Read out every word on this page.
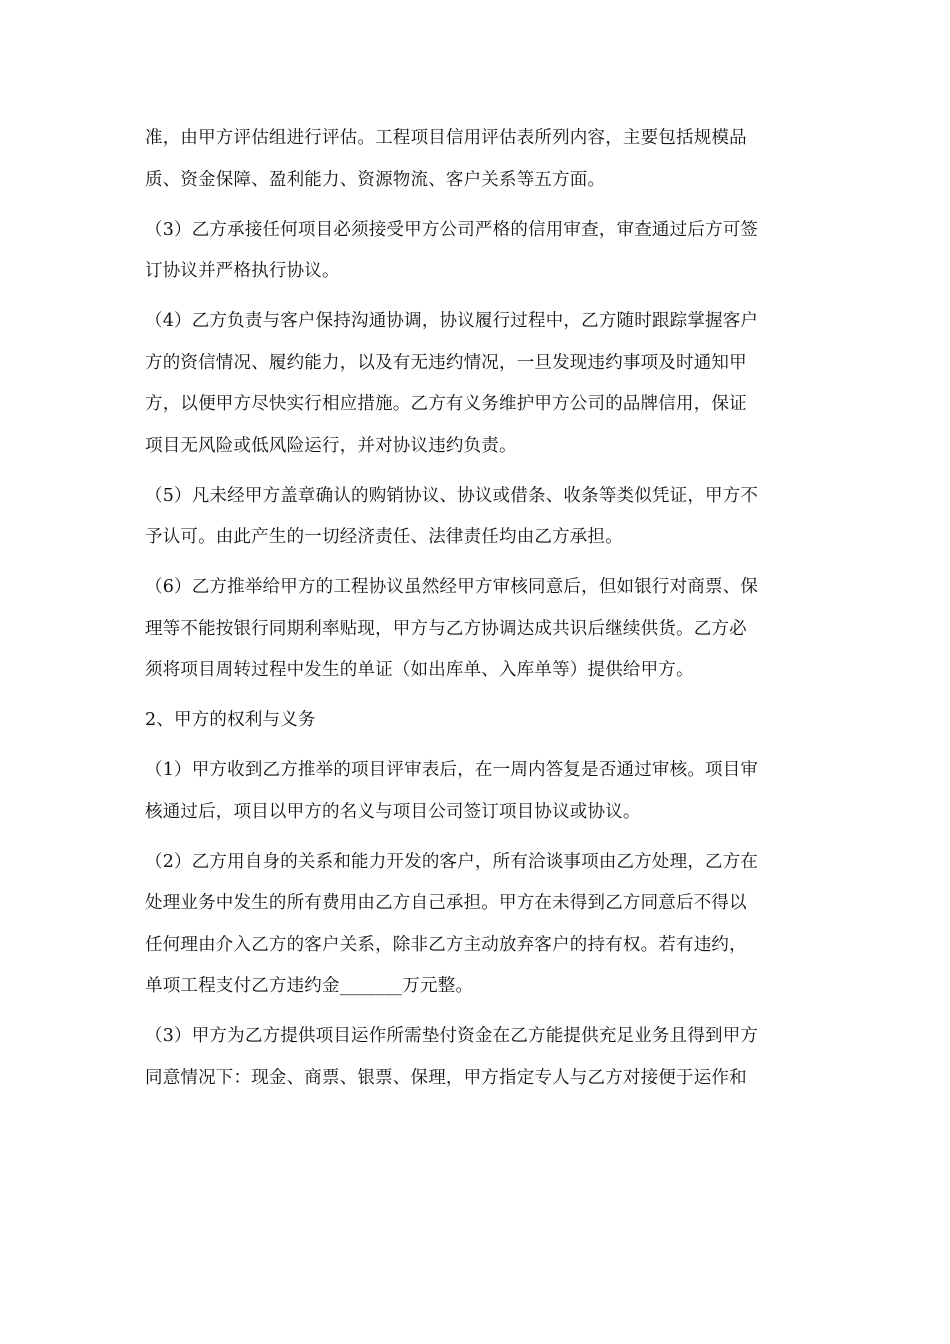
准，由甲方评估组进行评估。工程项目信用评估表所列内容，主要包括规模品
质、资金保障、盈利能力、资源物流、客户关系等五方面。
（3）乙方承接任何项目必须接受甲方公司严格的信用审查，审查通过后方可签
订协议并严格执行协议。
（4）乙方负责与客户保持沟通协调，协议履行过程中，乙方随时跟踪掌握客户
方的资信情况、履约能力，以及有无违约情况，一旦发现违约事项及时通知甲
方，以便甲方尽快实行相应措施。乙方有义务维护甲方公司的品牌信用，保证
项目无风险或低风险运行，并对协议违约负责。
（5）凡未经甲方盖章确认的购销协议、协议或借条、收条等类似凭证，甲方不
予认可。由此产生的一切经济责任、法律责任均由乙方承担。
（6）乙方推举给甲方的工程协议虽然经甲方审核同意后，但如银行对商票、保
理等不能按银行同期利率贴现，甲方与乙方协调达成共识后继续供货。乙方必
须将项目周转过程中发生的单证（如出库单、入库单等）提供给甲方。
2、甲方的权利与义务
（1）甲方收到乙方推举的项目评审表后，在一周内答复是否通过审核。项目审
核通过后，项目以甲方的名义与项目公司签订项目协议或协议。
（2）乙方用自身的关系和能力开发的客户，所有洽谈事项由乙方处理，乙方在
处理业务中发生的所有费用由乙方自己承担。甲方在未得到乙方同意后不得以
任何理由介入乙方的客户关系，除非乙方主动放弃客户的持有权。若有违约，
单项工程支付乙方违约金_______万元整。
（3）甲方为乙方提供项目运作所需垫付资金在乙方能提供充足业务且得到甲方
同意情况下：现金、商票、银票、保理，甲方指定专人与乙方对接便于运作和
